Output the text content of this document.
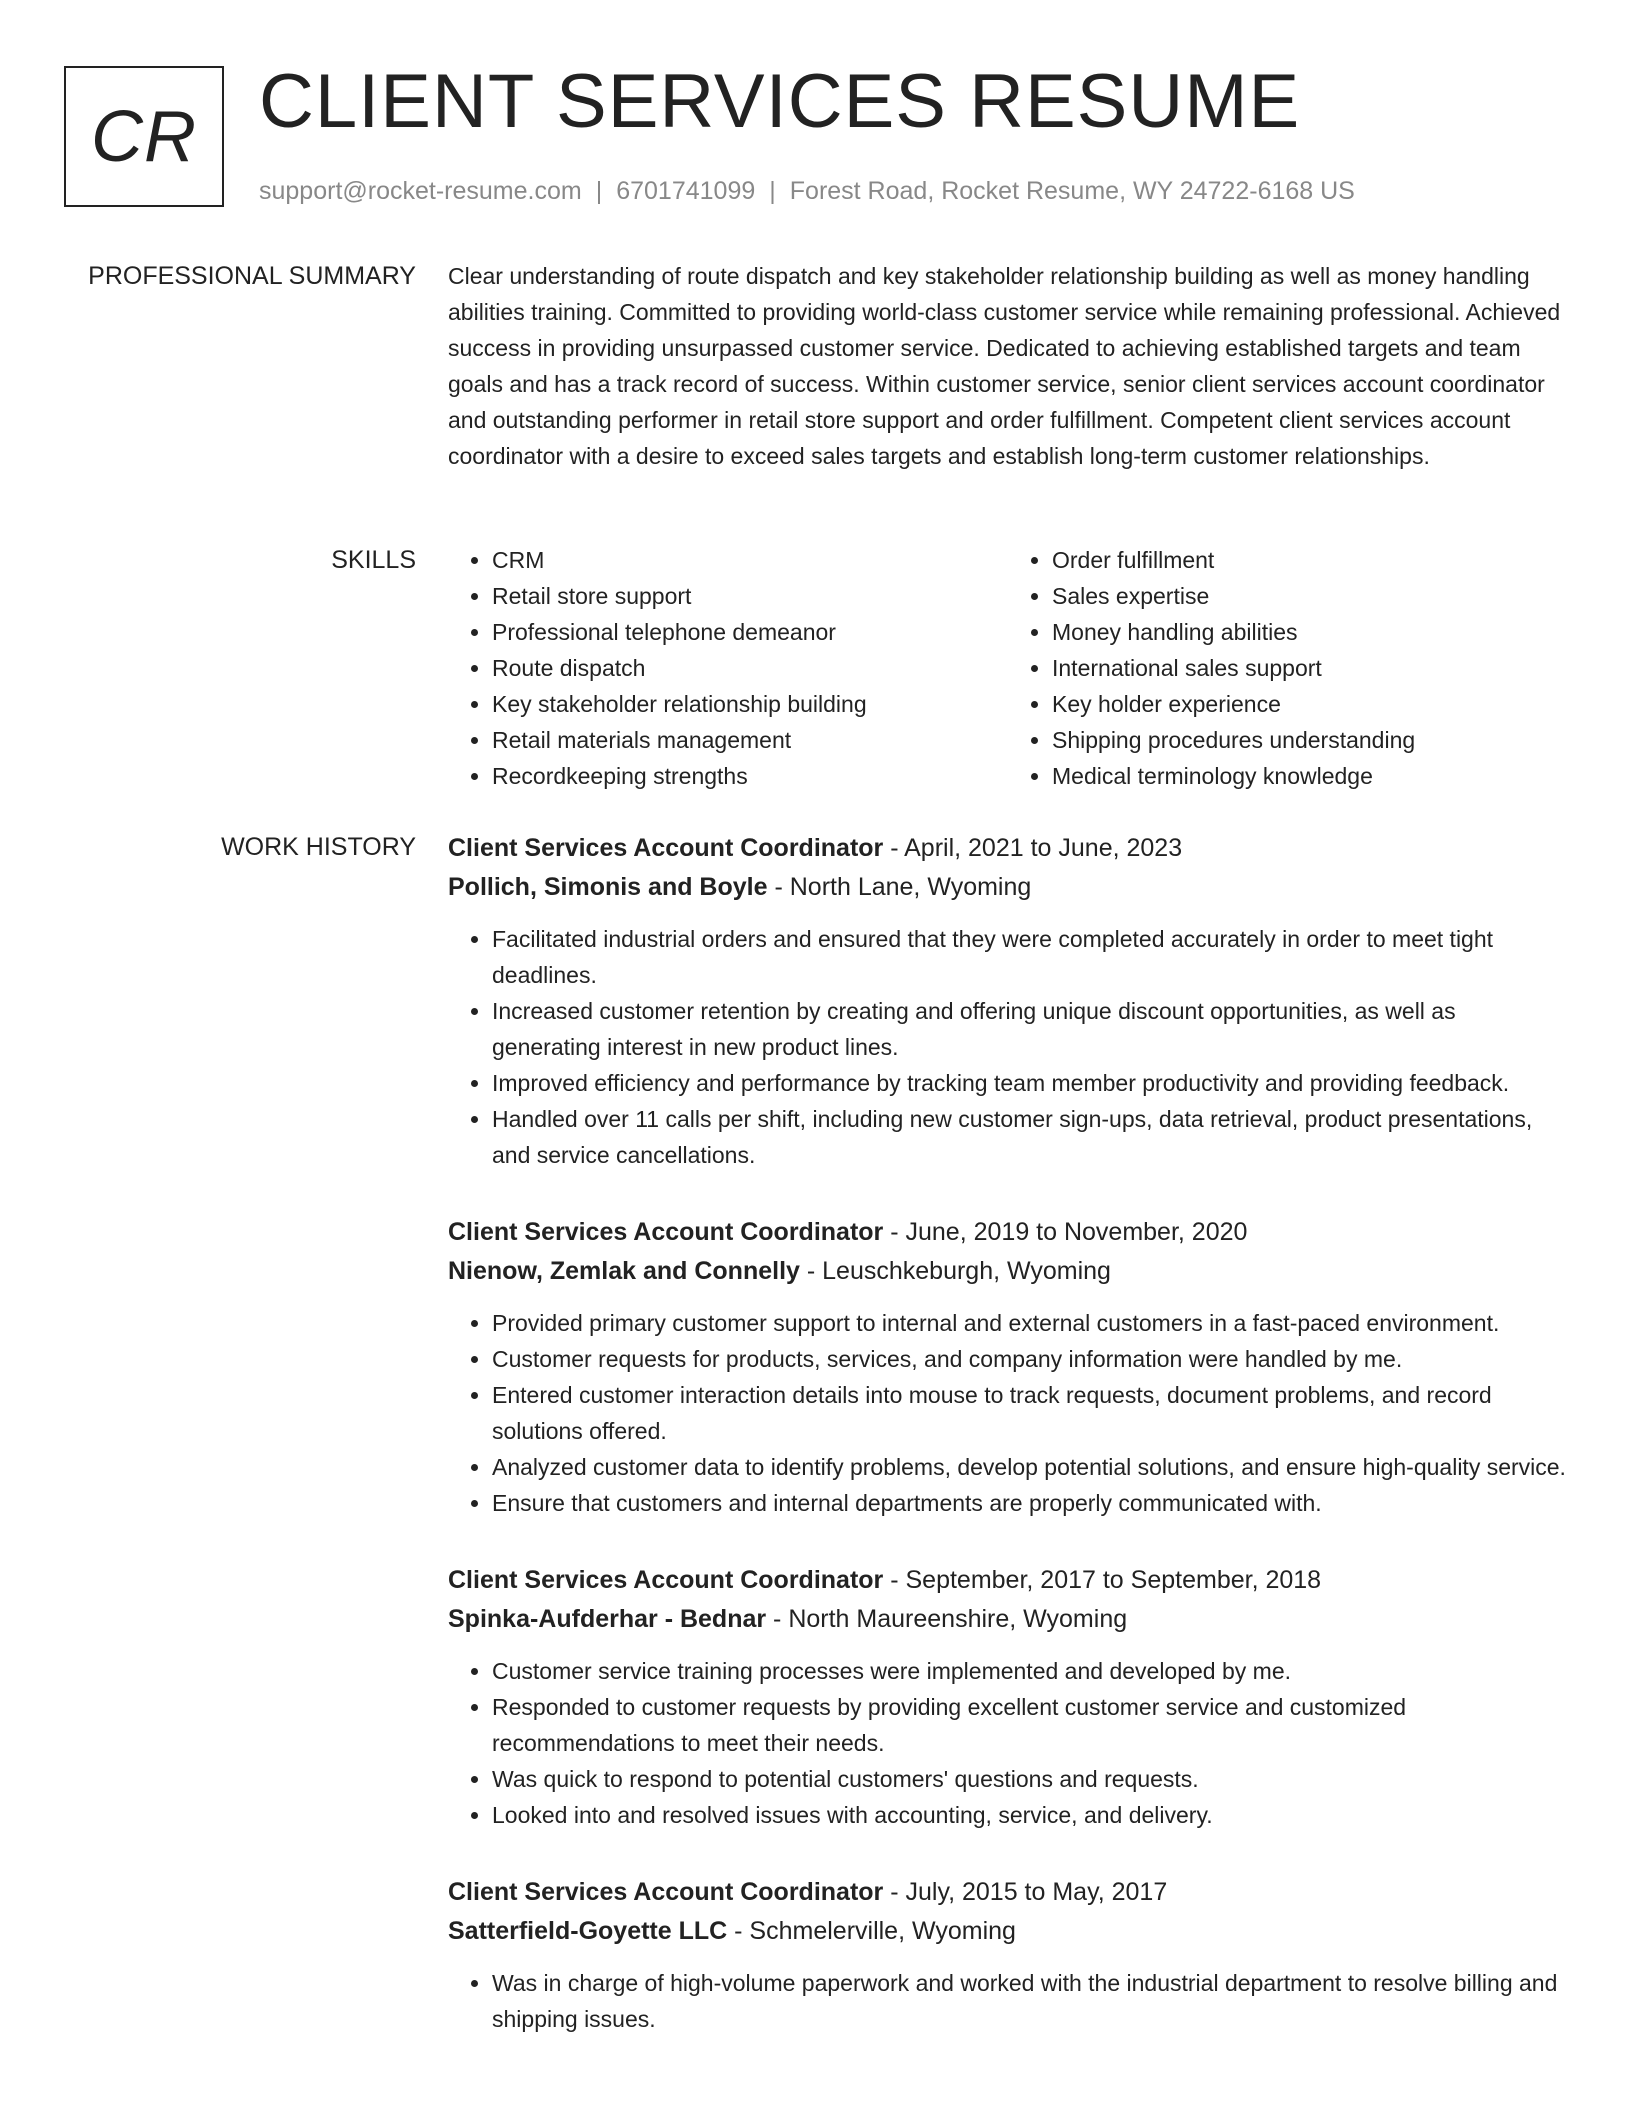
CR CLIENT SERVICES RESUME
support@rocket-resume.com | 6701741099 | Forest Road, Rocket Resume, WY 24722-6168 US
PROFESSIONAL SUMMARY Clear understanding of route dispatch and key stakeholder relationship building as well as money handling abilities training. Committed to providing world-class customer service while remaining professional. Achieved success in providing unsurpassed customer service. Dedicated to achieving established targets and team goals and has a track record of success. Within customer service, senior client services account coordinator and outstanding performer in retail store support and order fulfillment. Competent client services account coordinator with a desire to exceed sales targets and establish long-term customer relationships.

SKILLS
•	CRM
• Retail store support
• Professional telephone demeanor
• Route dispatch
• Key stakeholder relationship building
• Retail materials management
• Recordkeeping strengths
• Order fulfillment
• Sales expertise
• Money handling abilities
• International sales support
• Key holder experience
• Shipping procedures understanding
• Medical terminology knowledge
WORK HISTORY Client Services Account Coordinator - April, 2021 to June, 2023
Pollich, Simonis and Boyle - North Lane, Wyoming
• Facilitated industrial orders and ensured that they were completed accurately in order to meet tight deadlines.
• Increased customer retention by creating and offering unique discount opportunities, as well as generating interest in new product lines.
• Improved efficiency and performance by tracking team member productivity and providing feedback.
• Handled over 11 calls per shift, including new customer sign-ups, data retrieval, product presentations, and service cancellations.
Client Services Account Coordinator - June, 2019 to November, 2020
Nienow, Zemlak and Connelly - Leuschkeburgh, Wyoming
• Provided primary customer support to internal and external customers in a fast-paced environment.
• Customer requests for products, services, and company information were handled by me.
• Entered customer interaction details into mouse to track requests, document problems, and record solutions offered.
• Analyzed customer data to identify problems, develop potential solutions, and ensure high-quality service.
• Ensure that customers and internal departments are properly communicated with.
Client Services Account Coordinator - September, 2017 to September, 2018
Spinka-Aufderhar - Bednar - North Maureenshire, Wyoming
• Customer service training processes were implemented and developed by me.
• Responded to customer requests by providing excellent customer service and customized recommendations to meet their needs.
• Was quick to respond to potential customers' questions and requests.
• Looked into and resolved issues with accounting, service, and delivery.
Client Services Account Coordinator - July, 2015 to May, 2017
Satterfield-Goyette LLC - Schmelerville, Wyoming
• Was in charge of high-volume paperwork and worked with the industrial department to resolve billing and shipping issues.
